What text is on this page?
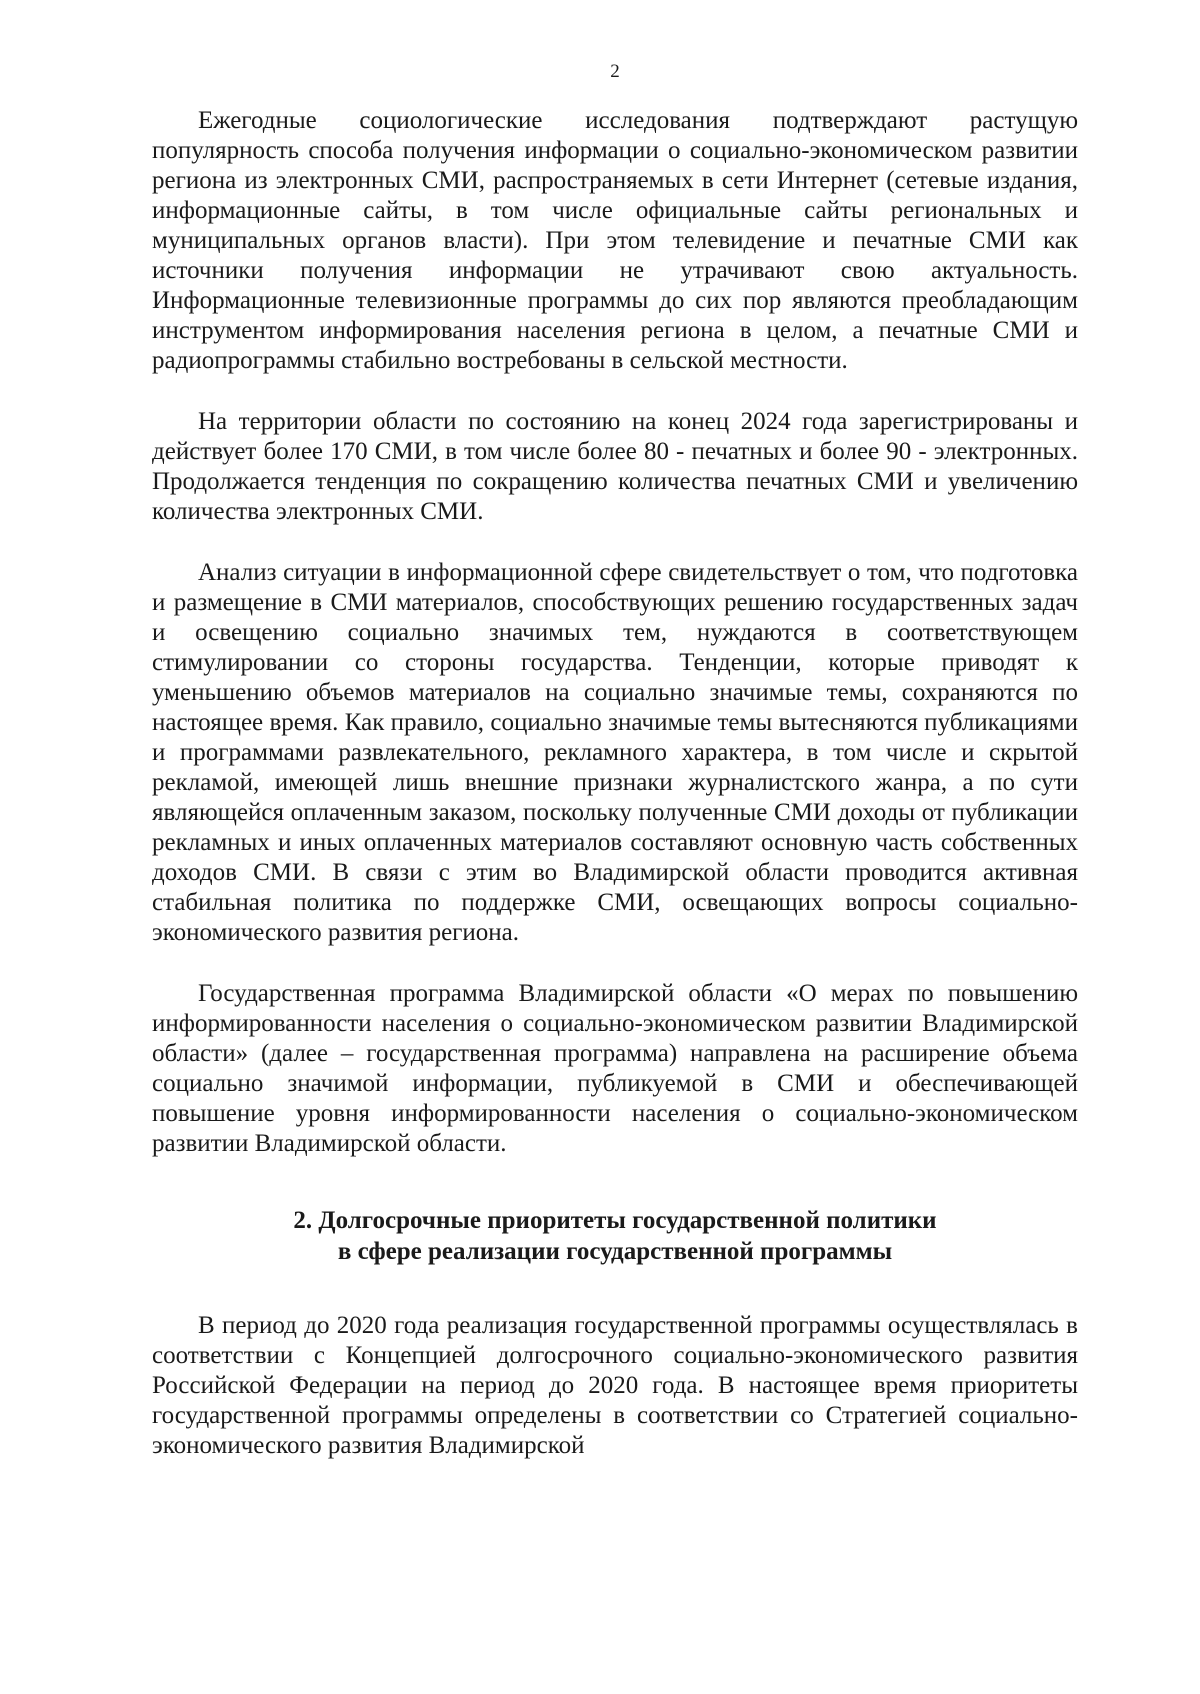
2

Ежегодные социологические исследования подтверждают растущую популярность способа получения информации о социально-экономическом развитии региона из электронных СМИ, распространяемых в сети Интернет (сетевые издания, информационные сайты, в том числе официальные сайты региональных и муниципальных органов власти). При этом телевидение и печатные СМИ как источники получения информации не утрачивают свою актуальность. Информационные телевизионные программы до сих пор являются преобладающим инструментом информирования населения региона в целом, а печатные СМИ и радиопрограммы стабильно востребованы в сельской местности.

На территории области по состоянию на конец 2024 года зарегистрированы и действует более 170 СМИ, в том числе более 80 - печатных и более 90 - электронных. Продолжается тенденция по сокращению количества печатных СМИ и увеличению количества электронных СМИ.

Анализ ситуации в информационной сфере свидетельствует о том, что подготовка и размещение в СМИ материалов, способствующих решению государственных задач и освещению социально значимых тем, нуждаются в соответствующем стимулировании со стороны государства. Тенденции, которые приводят к уменьшению объемов материалов на социально значимые темы, сохраняются по настоящее время. Как правило, социально значимые темы вытесняются публикациями и программами развлекательного, рекламного характера, в том числе и скрытой рекламой, имеющей лишь внешние признаки журналистского жанра, а по сути являющейся оплаченным заказом, поскольку полученные СМИ доходы от публикации рекламных и иных оплаченных материалов составляют основную часть собственных доходов СМИ. В связи с этим во Владимирской области проводится активная стабильная политика по поддержке СМИ, освещающих вопросы социально-экономического развития региона.

Государственная программа Владимирской области «О мерах по повышению информированности населения о социально-экономическом развитии Владимирской области» (далее – государственная программа) направлена на расширение объема социально значимой информации, публикуемой в СМИ и обеспечивающей повышение уровня информированности населения о социально-экономическом развитии Владимирской области.

2. Долгосрочные приоритеты государственной политики
в сфере реализации государственной программы

В период до 2020 года реализация государственной программы осуществлялась в соответствии с Концепцией долгосрочного социально-экономического развития Российской Федерации на период до 2020 года. В настоящее время приоритеты государственной программы определены в соответствии со Стратегией социально-экономического развития Владимирской
